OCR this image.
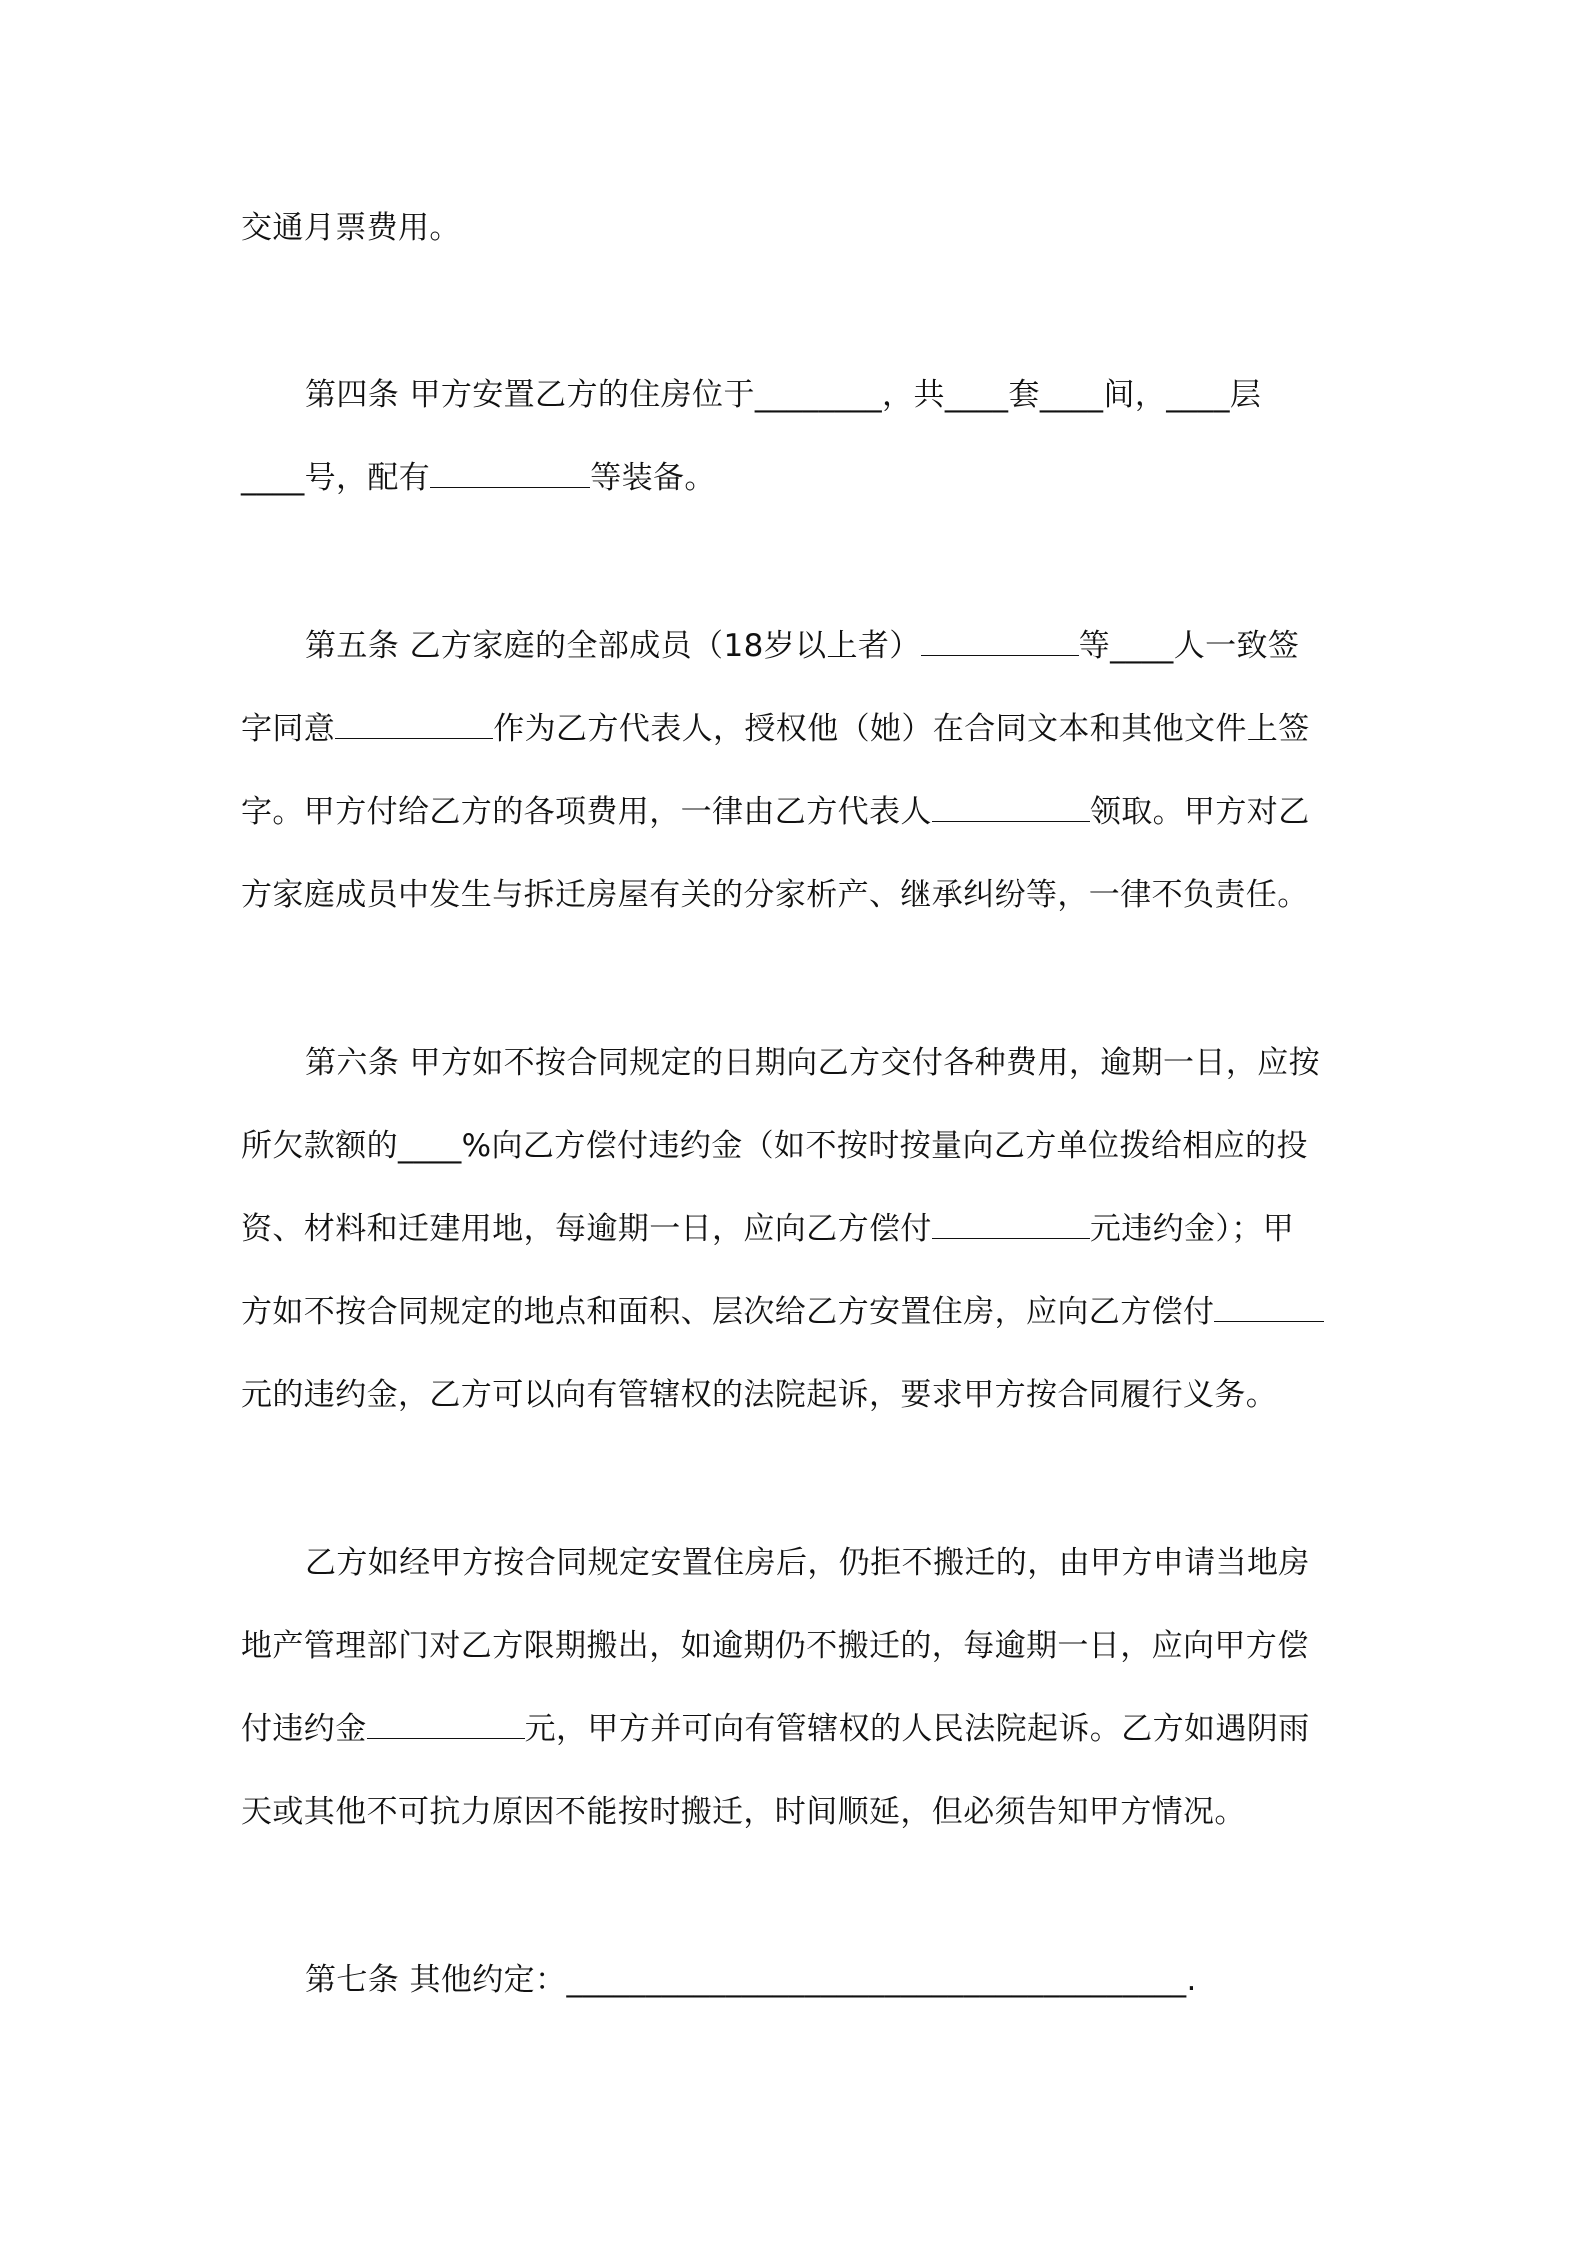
交通月票费用。
第四条 甲方安置乙方的住房位于________，共____套____间，____层
____号，配有	等装备。
第五条 乙方家庭的全部成员（18岁以上者）	等____人一致签
字同意	作为乙方代表人，授权他（她）在合同文本和其他文件上签
字。甲方付给乙方的各项费用，一律由乙方代表人	领取。甲方对乙
方家庭成员中发生与拆迁房屋有关的分家析产、继承纠纷等，一律不负责任。
第六条 甲方如不按合同规定的日期向乙方交付各种费用，逾期一日，应按
所欠款额的____%向乙方偿付违约金（如不按时按量向乙方单位拨给相应的投
资、材料和迁建用地，每逾期一日，应向乙方偿付	元违约金）；甲
方如不按合同规定的地点和面积、层次给乙方安置住房，应向乙方偿付
元的违约金，乙方可以向有管辖权的法院起诉，要求甲方按合同履行义务。
乙方如经甲方按合同规定安置住房后，仍拒不搬迁的，由甲方申请当地房
地产管理部门对乙方限期搬出，如逾期仍不搬迁的，每逾期一日，应向甲方偿
付违约金	元，甲方并可向有管辖权的人民法院起诉。乙方如遇阴雨
天或其他不可抗力原因不能按时搬迁，时间顺延，但必须告知甲方情况。
第七条 其他约定：_______________________________________.
